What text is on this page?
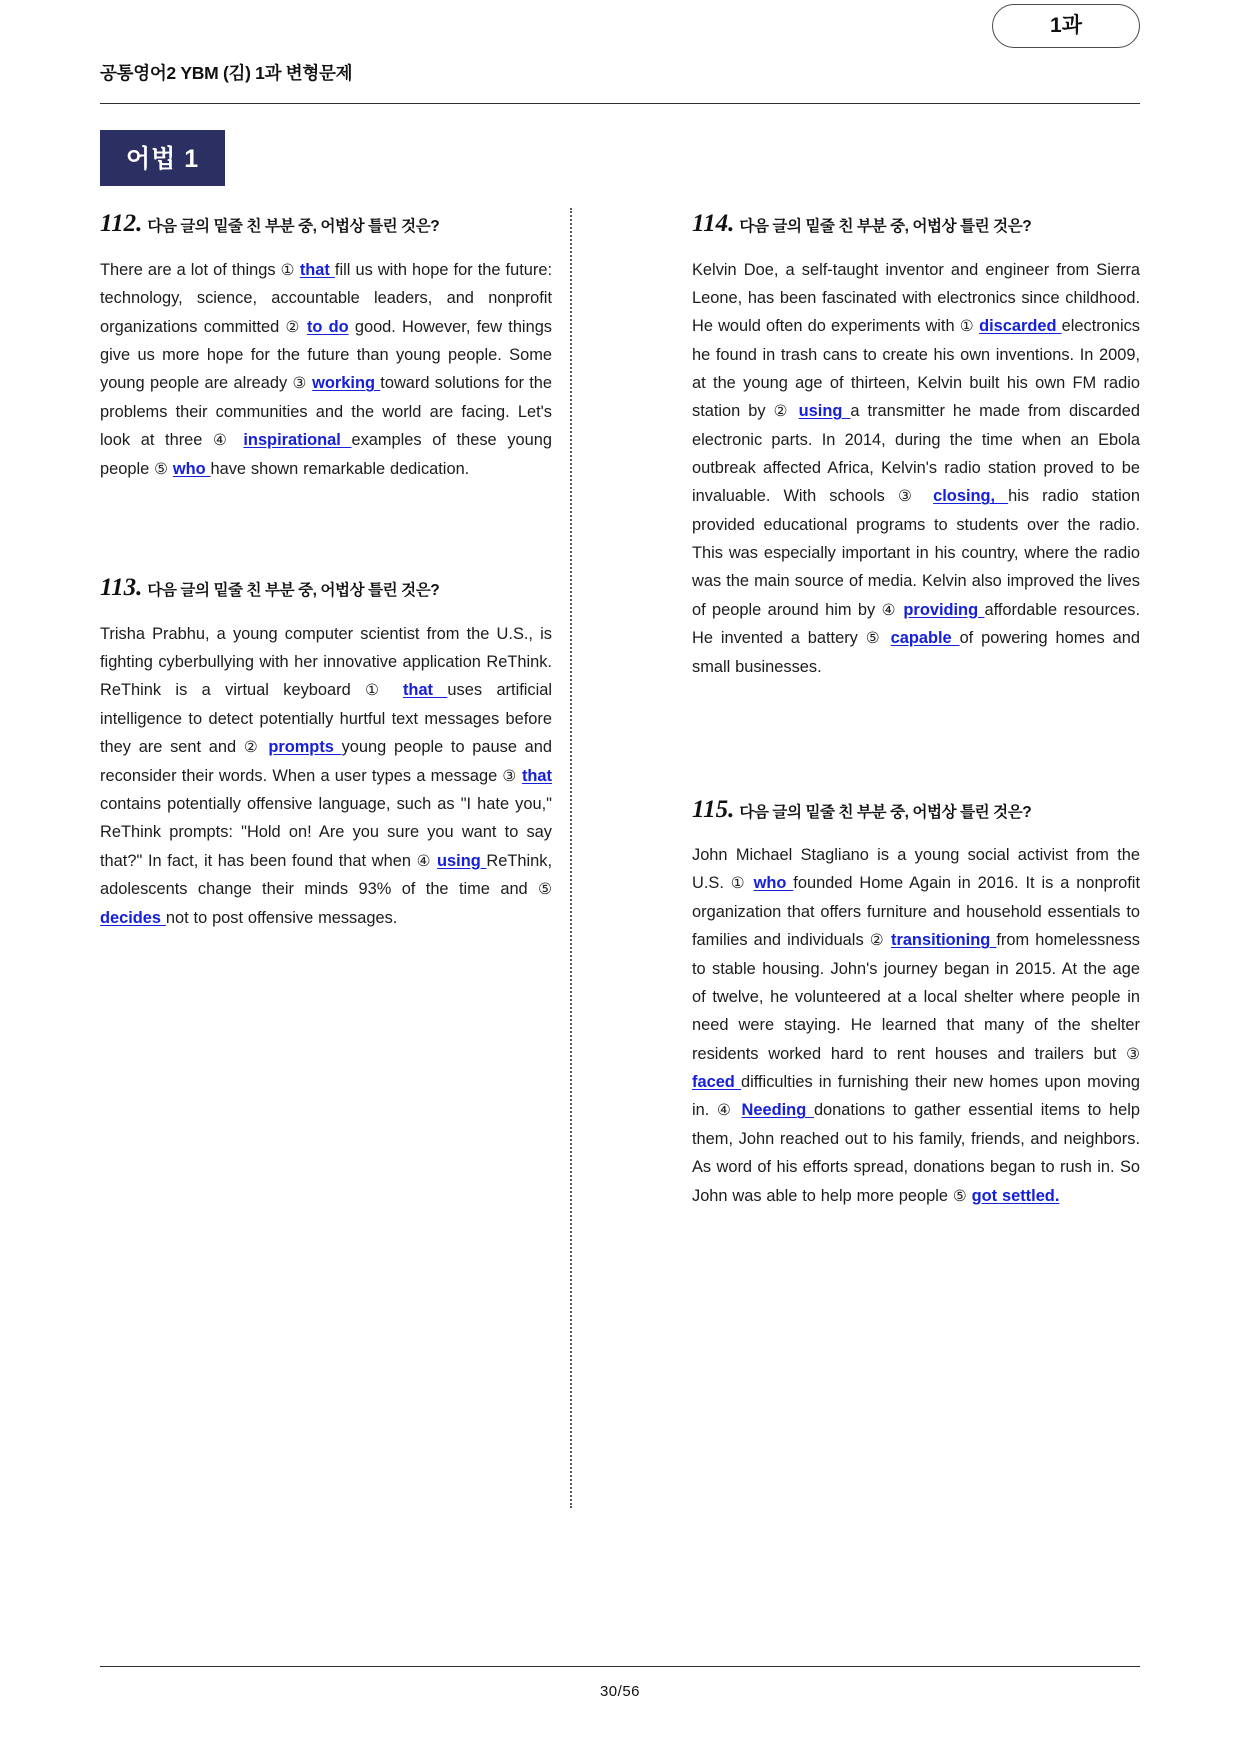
공통영어2 YBM (김) 1과 변형문제
1과
어법 1
112. 다음 글의 밑줄 친 부분 중, 어법상 틀린 것은?

There are a lot of things ① that fill us with hope for the future: technology, science, accountable leaders, and nonprofit organizations committed ② to do good. However, few things give us more hope for the future than young people. Some young people are already ③ working toward solutions for the problems their communities and the world are facing. Let's look at three ④ inspirational examples of these young people ⑤ who have shown remarkable dedication.

113. 다음 글의 밑줄 친 부분 중, 어법상 틀린 것은?

Trisha Prabhu, a young computer scientist from the U.S., is fighting cyberbullying with her innovative application ReThink. ReThink is a virtual keyboard ① that uses artificial intelligence to detect potentially hurtful text messages before they are sent and ② prompts young people to pause and reconsider their words. When a user types a message ③ that contains potentially offensive language, such as "I hate you," ReThink prompts: "Hold on! Are you sure you want to say that?" In fact, it has been found that when ④ using ReThink, adolescents change their minds 93% of the time and ⑤ decides not to post offensive messages.

114. 다음 글의 밑줄 친 부분 중, 어법상 틀린 것은?

Kelvin Doe, a self-taught inventor and engineer from Sierra Leone, has been fascinated with electronics since childhood. He would often do experiments with ① discarded electronics he found in trash cans to create his own inventions. In 2009, at the young age of thirteen, Kelvin built his own FM radio station by ② using a transmitter he made from discarded electronic parts. In 2014, during the time when an Ebola outbreak affected Africa, Kelvin's radio station proved to be invaluable. With schools ③ closing, his radio station provided educational programs to students over the radio. This was especially important in his country, where the radio was the main source of media. Kelvin also improved the lives of people around him by ④ providing affordable resources. He invented a battery ⑤ capable of powering homes and small businesses.

115. 다음 글의 밑줄 친 부분 중, 어법상 틀린 것은?

John Michael Stagliano is a young social activist from the U.S. ① who founded Home Again in 2016. It is a nonprofit organization that offers furniture and household essentials to families and individuals ② transitioning from homelessness to stable housing. John's journey began in 2015. At the age of twelve, he volunteered at a local shelter where people in need were staying. He learned that many of the shelter residents worked hard to rent houses and trailers but ③ faced difficulties in furnishing their new homes upon moving in. ④ Needing donations to gather essential items to help them, John reached out to his family, friends, and neighbors. As word of his efforts spread, donations began to rush in. So John was able to help more people ⑤ got settled.

30/56
